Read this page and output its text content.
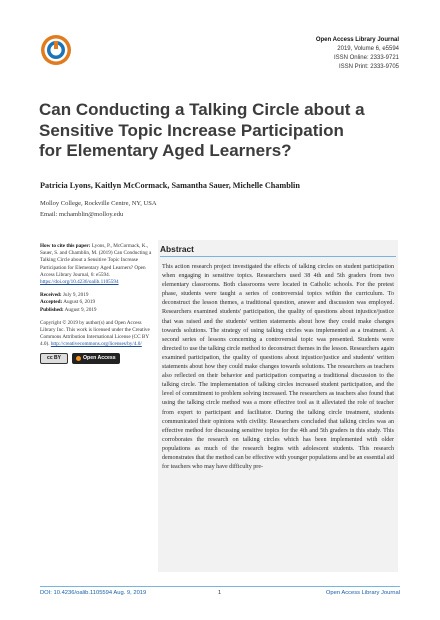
Open Access Library Journal
2019, Volume 6, e5594
ISSN Online: 2333-9721
ISSN Print: 2333-9705
Can Conducting a Talking Circle about a Sensitive Topic Increase Participation for Elementary Aged Learners?
Patricia Lyons, Kaitlyn McCormack, Samantha Sauer, Michelle Chamblin
Molloy College, Rockville Centre, NY, USA
Email: mchamblin@molloy.edu
How to cite this paper: Lyons, P., McCormack, K., Sauer, S. and Chamblin, M. (2019) Can Conducting a Talking Circle about a Sensitive Topic Increase Participation for Elementary Aged Learners? Open Access Library Journal, 6: e5594. https://doi.org/10.4236/oalib.1105594
Received: July 9, 2019
Accepted: August 6, 2019
Published: August 9, 2019
Copyright © 2019 by author(s) and Open Access Library Inc. This work is licensed under the Creative Commons Attribution International License (CC BY 4.0). http://creativecommons.org/licenses/by/4.0/
cc BY	Open Access
Abstract

This action research project investigated the effects of talking circles on student participation when engaging in sensitive topics. Researchers used 38 4th and 5th graders from two elementary classrooms. Both classrooms were located in Catholic schools. For the pretest phase, students were taught a series of controversial topics within the curriculum. To deconstruct the lesson themes, a traditional question, answer and discussion was employed. Researchers examined students' participation, the quality of questions about injustice/justice that was raised and the students' written statements about how they could make changes towards solutions. The strategy of using talking circles was implemented as a treatment. A second series of lessons concerning a controversial topic was presented. Students were directed to use the talking circle method to deconstruct themes in the lesson. Researchers again examined participation, the quality of questions about injustice/justice and students' written statements about how they could make changes towards solutions. The researchers as teachers also reflected on their behavior and participation comparing a traditional discussion to the talking circle. The implementation of talking circles increased student participation, and the level of commitment to problem solving increased. The researchers as teachers also found that using the talking circle method was a more effective tool as it alleviated the role of teacher from expert to participant and facilitator. During the talking circle treatment, students communicated their opinions with civility. Researchers concluded that talking circles was an effective method for discussing sensitive topics for the 4th and 5th graders in this study. This corroborates the research on talking circles which has been implemented with older populations as much of the research begins with adolescent students. This research demonstrates that the method can be effective with younger populations and be an essential aid for teachers who may have difficulty pre-

DOI: 10.4236/oalib.1105594 Aug. 9, 2019	1	Open Access Library Journal
